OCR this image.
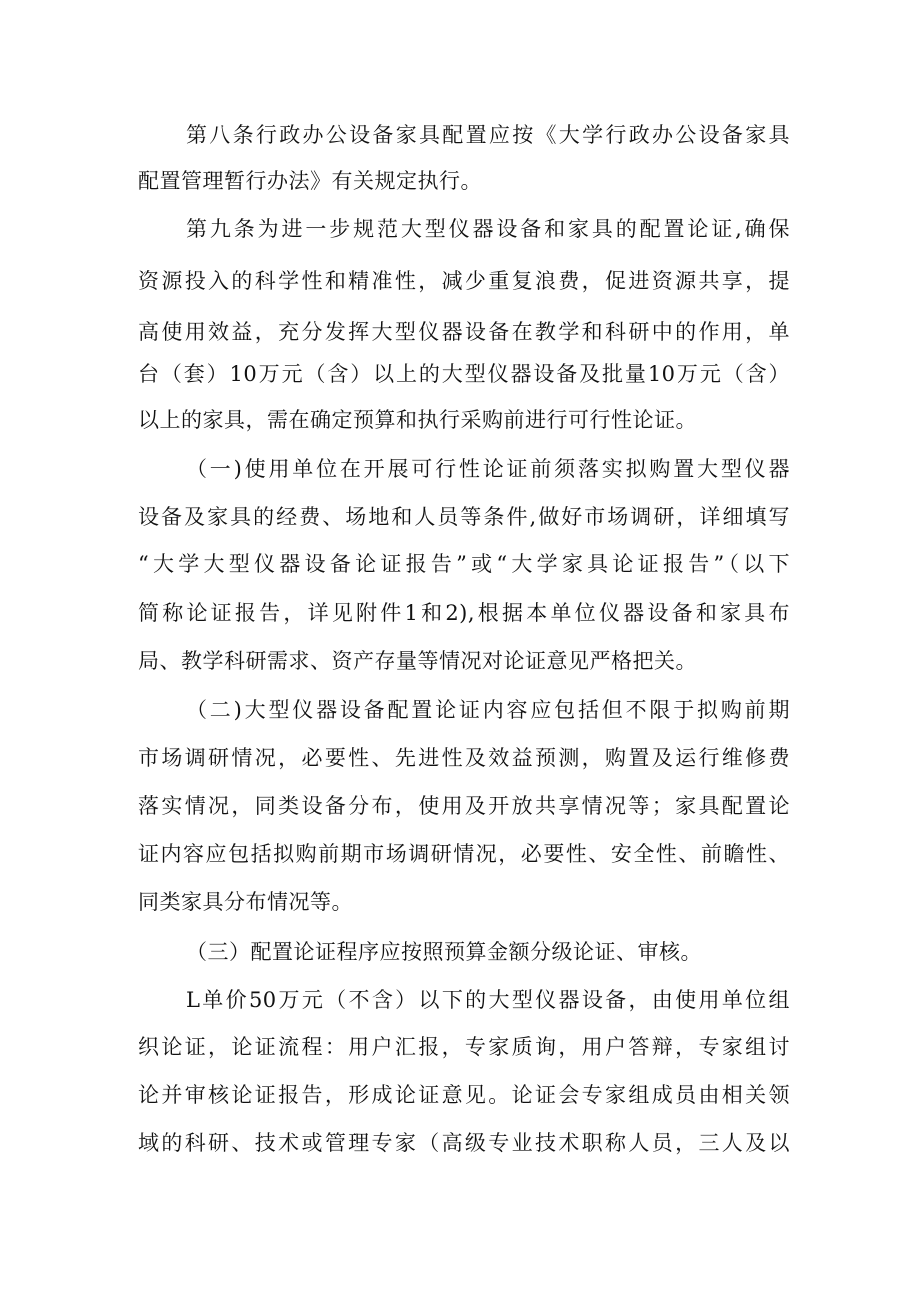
第八条行政办公设备家具配置应按《大学行政办公设备家具
配置管理暂行办法》有关规定执行。
第九条为进一步规范大型仪器设备和家具的配置论证,确保
资源投入的科学性和精准性，减少重复浪费，促进资源共享，提
高使用效益，充分发挥大型仪器设备在教学和科研中的作用，单
台（套）10万元（含）以上的大型仪器设备及批量10万元（含）
以上的家具，需在确定预算和执行采购前进行可行性论证。
（一)使用单位在开展可行性论证前须落实拟购置大型仪器
设备及家具的经费、场地和人员等条件,做好市场调研，详细填写
“大学大型仪器设备论证报告”或“大学家具论证报告”（以下
简称论证报告，详见附件1和2),根据本单位仪器设备和家具布
局、教学科研需求、资产存量等情况对论证意见严格把关。
（二)大型仪器设备配置论证内容应包括但不限于拟购前期
市场调研情况，必要性、先进性及效益预测，购置及运行维修费
落实情况，同类设备分布，使用及开放共享情况等；家具配置论
证内容应包括拟购前期市场调研情况，必要性、安全性、前瞻性、
同类家具分布情况等。
（三）配置论证程序应按照预算金额分级论证、审核。
L单价50万元（不含）以下的大型仪器设备，由使用单位组
织论证，论证流程：用户汇报，专家质询，用户答辩，专家组讨
论并审核论证报告，形成论证意见。论证会专家组成员由相关领
域的科研、技术或管理专家（高级专业技术职称人员，三人及以
